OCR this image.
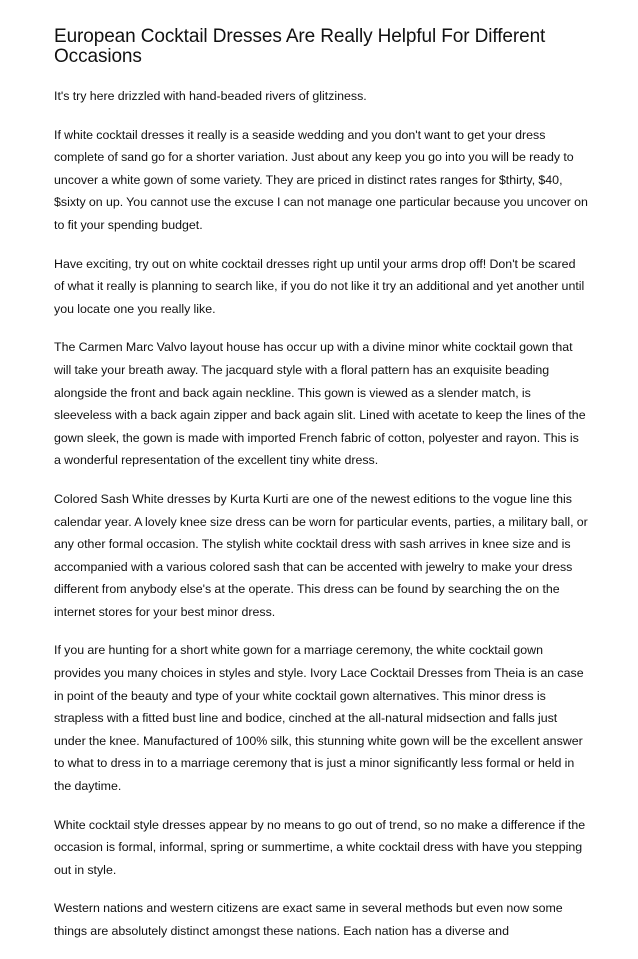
European Cocktail Dresses Are Really Helpful For Different Occasions

It's try here drizzled with hand-beaded rivers of glitziness.

If white cocktail dresses it really is a seaside wedding and you don't want to get your dress complete of sand go for a shorter variation. Just about any keep you go into you will be ready to uncover a white gown of some variety. They are priced in distinct rates ranges for $thirty, $40, $sixty on up. You cannot use the excuse I can not manage one particular because you uncover on to fit your spending budget.

Have exciting, try out on white cocktail dresses right up until your arms drop off! Don't be scared of what it really is planning to search like, if you do not like it try an additional and yet another until you locate one you really like.

The Carmen Marc Valvo layout house has occur up with a divine minor white cocktail gown that will take your breath away. The jacquard style with a floral pattern has an exquisite beading alongside the front and back again neckline. This gown is viewed as a slender match, is sleeveless with a back again zipper and back again slit. Lined with acetate to keep the lines of the gown sleek, the gown is made with imported French fabric of cotton, polyester and rayon. This is a wonderful representation of the excellent tiny white dress.

Colored Sash White dresses by Kurta Kurti are one of the newest editions to the vogue line this calendar year. A lovely knee size dress can be worn for particular events, parties, a military ball, or any other formal occasion. The stylish white cocktail dress with sash arrives in knee size and is accompanied with a various colored sash that can be accented with jewelry to make your dress different from anybody else's at the operate. This dress can be found by searching the on the internet stores for your best minor dress.

If you are hunting for a short white gown for a marriage ceremony, the white cocktail gown provides you many choices in styles and style. Ivory Lace Cocktail Dresses from Theia is an case in point of the beauty and type of your white cocktail gown alternatives. This minor dress is strapless with a fitted bust line and bodice, cinched at the all-natural midsection and falls just under the knee. Manufactured of 100% silk, this stunning white gown will be the excellent answer to what to dress in to a marriage ceremony that is just a minor significantly less formal or held in the daytime.

White cocktail style dresses appear by no means to go out of trend, so no make a difference if the occasion is formal, informal, spring or summertime, a white cocktail dress with have you stepping out in style.

Western nations and western citizens are exact same in several methods but even now some things are absolutely distinct amongst these nations. Each nation has a diverse and
